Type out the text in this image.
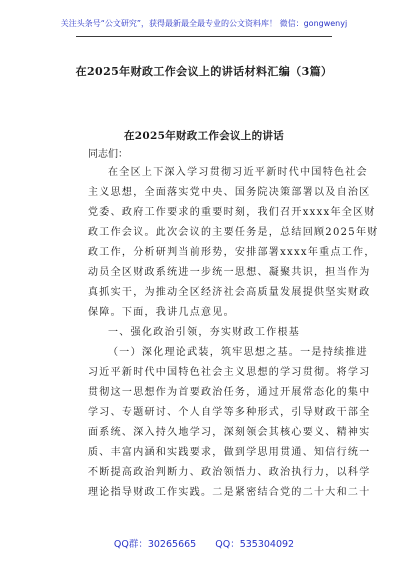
关注头条号“公文研究”，获得最新最全最专业的公文资料库！ 微信：gongwenyj
在2025年财政工作会议上的讲话材料汇编（3篇）
在2025年财政工作会议上的讲话
同志们：
在全区上下深入学习贯彻习近平新时代中国特色社会
主义思想，全面落实党中央、国务院决策部署以及自治区
党委、政府工作要求的重要时刻，我们召开xxxx年全区财
政工作会议。此次会议的主要任务是，总结回顾2025年财
政工作，分析研判当前形势，安排部署xxxx年重点工作，
动员全区财政系统进一步统一思想、凝聚共识，担当作为
真抓实干，为推动全区经济社会高质量发展提供坚实财政
保障。下面，我讲几点意见。
一、强化政治引领，夯实财政工作根基
（一）深化理论武装，筑牢思想之基。一是持续推进
习近平新时代中国特色社会主义思想的学习贯彻。将学习
贯彻这一思想作为首要政治任务，通过开展常态化的集中
学习、专题研讨、个人自学等多种形式，引导财政干部全
面系统、深入持久地学习，深刻领会其核心要义、精神实
质、丰富内涵和实践要求，做到学思用贯通、知信行统一
不断提高政治判断力、政治领悟力、政治执行力，以科学
理论指导财政工作实践。二是紧密结合党的二十大和二十
QQ群：30265665 QQ：535304092
